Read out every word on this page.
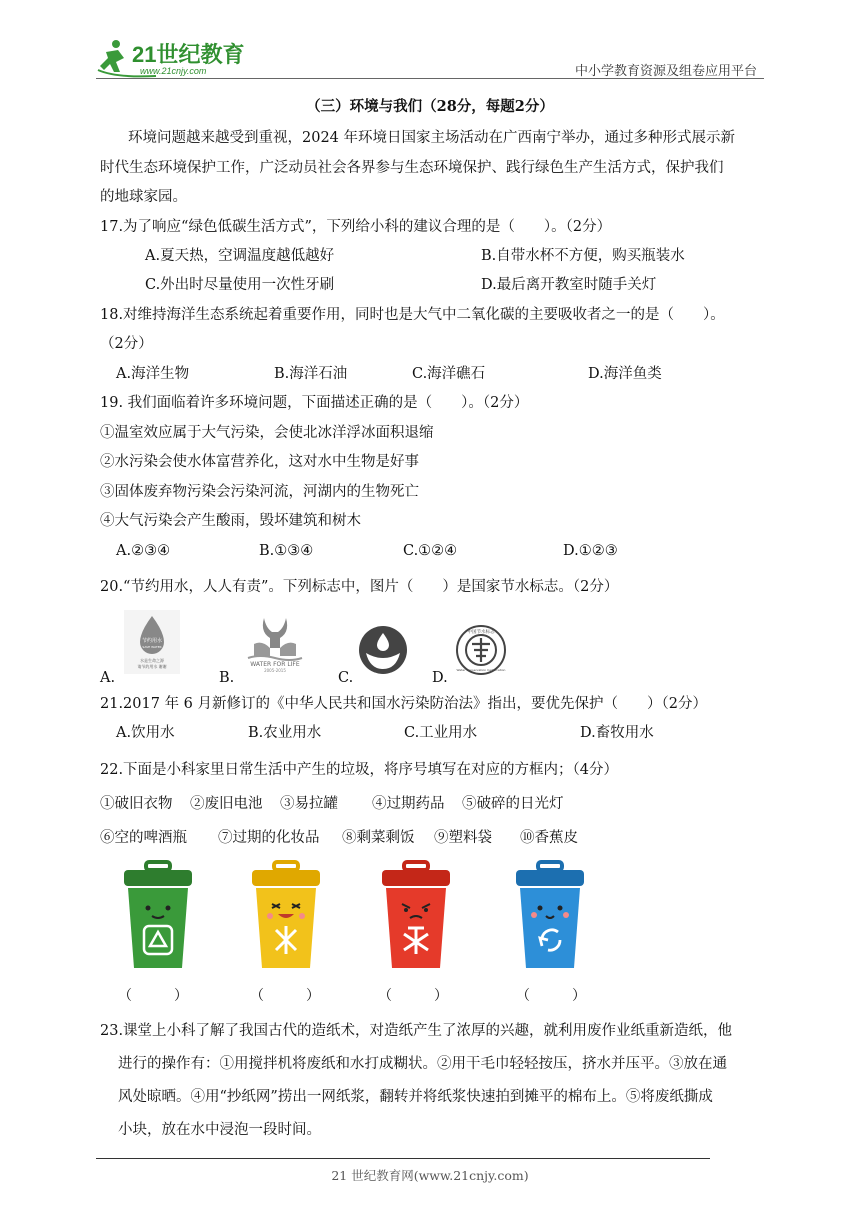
21世纪教育
www.21cnjy.com	中小学教育资源及组卷应用平台
（三）环境与我们（28分，每题2分）
环境问题越来越受到重视，2024 年环境日国家主场活动在广西南宁举办，通过多种形式展示新
时代生态环境保护工作，广泛动员社会各界参与生态环境保护、践行绿色生产生活方式，保护我们
的地球家园。
17.为了响应“绿色低碳生活方式”，下列给小科的建议合理的是（　　）。（2分）
A.夏天热，空调温度越低越好	B.自带水杯不方便，购买瓶装水
C.外出时尽量使用一次性牙刷	D.最后离开教室时随手关灯
18.对维持海洋生态系统起着重要作用，同时也是大气中二氧化碳的主要吸收者之一的是（　　）。
（2分）
A.海洋生物	B.海洋石油	C.海洋礁石	D.海洋鱼类
19. 我们面临着许多环境问题，下面描述正确的是（　　）。（2分）
①温室效应属于大气污染，会使北冰洋浮冰面积退缩
②水污染会使水体富营养化，这对水中生物是好事
③固体废弃物污染会污染河流，河湖内的生物死亡
④大气污染会产生酸雨，毁坏建筑和树木
A.②③④	B.①③④	C.①②④	D.①②③
20.“节约用水，人人有责”。下列标志中，图片（　　）是国家节水标志。（2分）
节约用水
SAVE WATER
水是生命之源
请节约用水 谢谢
A.
WATER FOR LIFE
2005-2015
B.	C.
中国节水标志
Water Conservation Certification
D.
21.2017 年 6 月新修订的《中华人民共和国水污染防治法》指出，要优先保护（　　）（2分）
A.饮用水	B.农业用水	C.工业用水	D.畜牧用水
22.下面是小科家里日常生活中产生的垃圾，将序号填写在对应的方框内；（4分）
①破旧衣物 ②废旧电池 ③易拉罐 ④过期药品 ⑤破碎的日光灯
⑥空的啤酒瓶 ⑦过期的化妆品 ⑧剩菜剩饭 ⑨塑料袋 ⑩香蕉皮
（　　　）	（　　　）	（　　　）	（　　　）
23.课堂上小科了解了我国古代的造纸术，对造纸产生了浓厚的兴趣，就利用废作业纸重新造纸，他
进行的操作有：①用搅拌机将废纸和水打成糊状。②用干毛巾轻轻按压，挤水并压平。③放在通
风处晾晒。④用“抄纸网”捞出一网纸浆，翻转并将纸浆快速拍到摊平的棉布上。⑤将废纸撕成
小块，放在水中浸泡一段时间。
21 世纪教育网(www.21cnjy.com)
